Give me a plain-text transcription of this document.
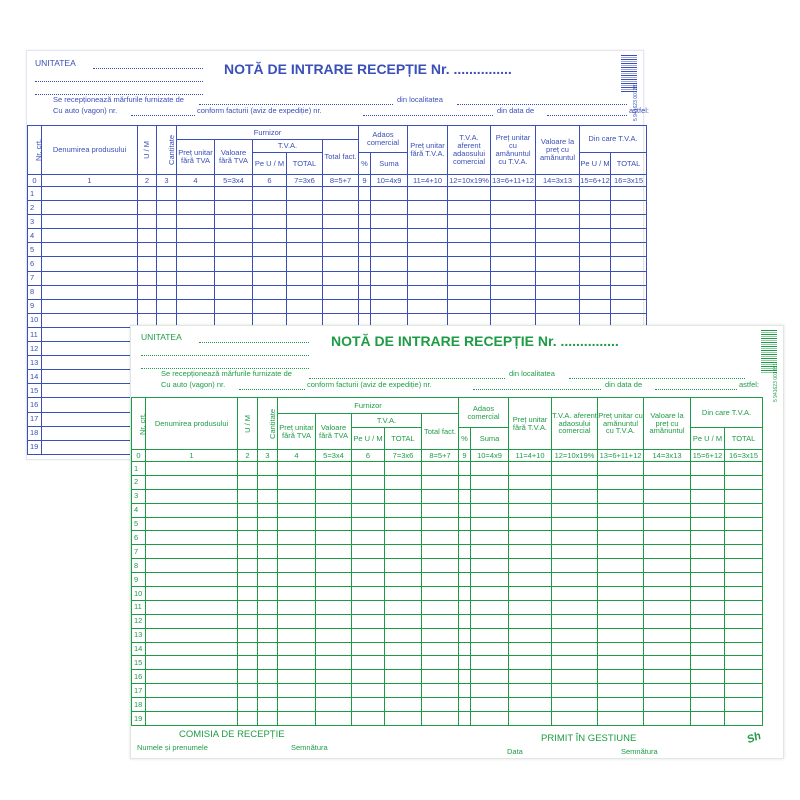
UNITATEA	NOTĂ DE INTRARE RECEPȚIE Nr. ...............
Se recepționează mărfurile furnizate de	din localitatea
Cu auto (vagon) nr.	conform facturii (aviz de expediție) nr.	din data de	astfel:
5 941623 001281
Nr. crt.	Denumirea produsului	U / M	Cantitate	Furnizor					Adaos comercial		Preț unitar fără T.V.A.	T.V.A. aferent adaosului comercial	Preț unitar cu amănuntul cu T.V.A.	Valoare la preț cu amănuntul	Din care T.V.A.	
				Preț unitar fără TVA	Valoare fără TVA	T.V.A.		Total fact.								
						Pe U / M	TOTAL		%	Suma					Pe U / M	TOTAL
0	1	2	3	4	5=3x4	6	7=3x6	8=5+7	9	10=4x9	11=4+10	12=10x19%	13=6+11+12	14=3x13	15=6+12	16=3x15
1																
2																
3																
4																
5																
6																
7																
8																
9																
10																
11																
12																
13																
14																
15																
16																
17																
18																
19																
UNITATEA	NOTĂ DE INTRARE RECEPȚIE Nr. ...............
Se recepționează mărfurile furnizate de	din localitatea
Cu auto (vagon) nr.	conform facturii (aviz de expediție) nr.	din data de	astfel:	5 941623 001281
Nr. crt.	Denumirea produsului	U / M	Cantitate	Furnizor					Adaos comercial		Preț unitar fără T.V.A.	T.V.A. aferent adaosului comercial	Preț unitar cu amănuntul cu T.V.A.	Valoare la preț cu amănuntul	Din care T.V.A.	
				Preț unitar fără TVA	Valoare fără TVA	T.V.A.		Total fact.								
						Pe U / M	TOTAL		%	Suma					Pe U / M	TOTAL
0	1	2	3	4	5=3x4	6	7=3x6	8=5+7	9	10=4x9	11=4+10	12=10x19%	13=6+11+12	14=3x13	15=6+12	16=3x15
1																
2																
3																
4																
5																
6																
7																
8																
9																
10																
11																
12																
13																
14																
15																
16																
17																
18																
19																
COMISIA DE RECEPȚIE
Numele și prenumele	Semnătura
PRIMIT ÎN GESTIUNE
Data	Semnătura
Sh
